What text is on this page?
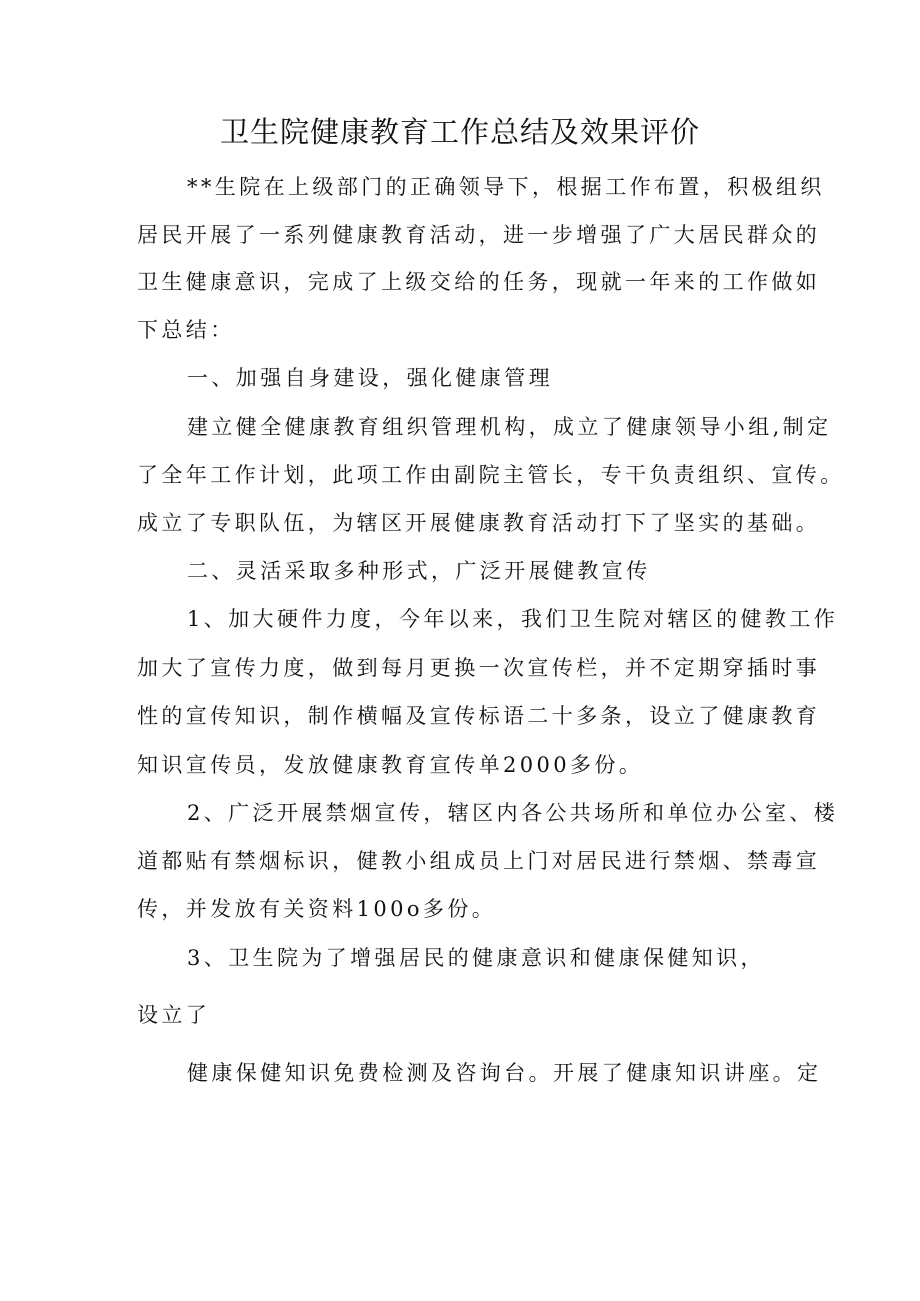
卫生院健康教育工作总结及效果评价

**生院在上级部门的正确领导下，根据工作布置，积极组织

居民开展了一系列健康教育活动，进一步增强了广大居民群众的

卫生健康意识，完成了上级交给的任务，现就一年来的工作做如

下总结：

一、加强自身建设，强化健康管理

建立健全健康教育组织管理机构，成立了健康领导小组,制定

了全年工作计划，此项工作由副院主管长，专干负责组织、宣传。

成立了专职队伍，为辖区开展健康教育活动打下了坚实的基础。

二、灵活采取多种形式，广泛开展健教宣传

1、加大硬件力度，今年以来，我们卫生院对辖区的健教工作

加大了宣传力度，做到每月更换一次宣传栏，并不定期穿插时事

性的宣传知识，制作横幅及宣传标语二十多条，设立了健康教育

知识宣传员，发放健康教育宣传单2000多份。

2、广泛开展禁烟宣传，辖区内各公共场所和单位办公室、楼

道都贴有禁烟标识，健教小组成员上门对居民进行禁烟、禁毒宣

传，并发放有关资料100o多份。

3、卫生院为了增强居民的健康意识和健康保健知识，

设立了

健康保健知识免费检测及咨询台。开展了健康知识讲座。定
